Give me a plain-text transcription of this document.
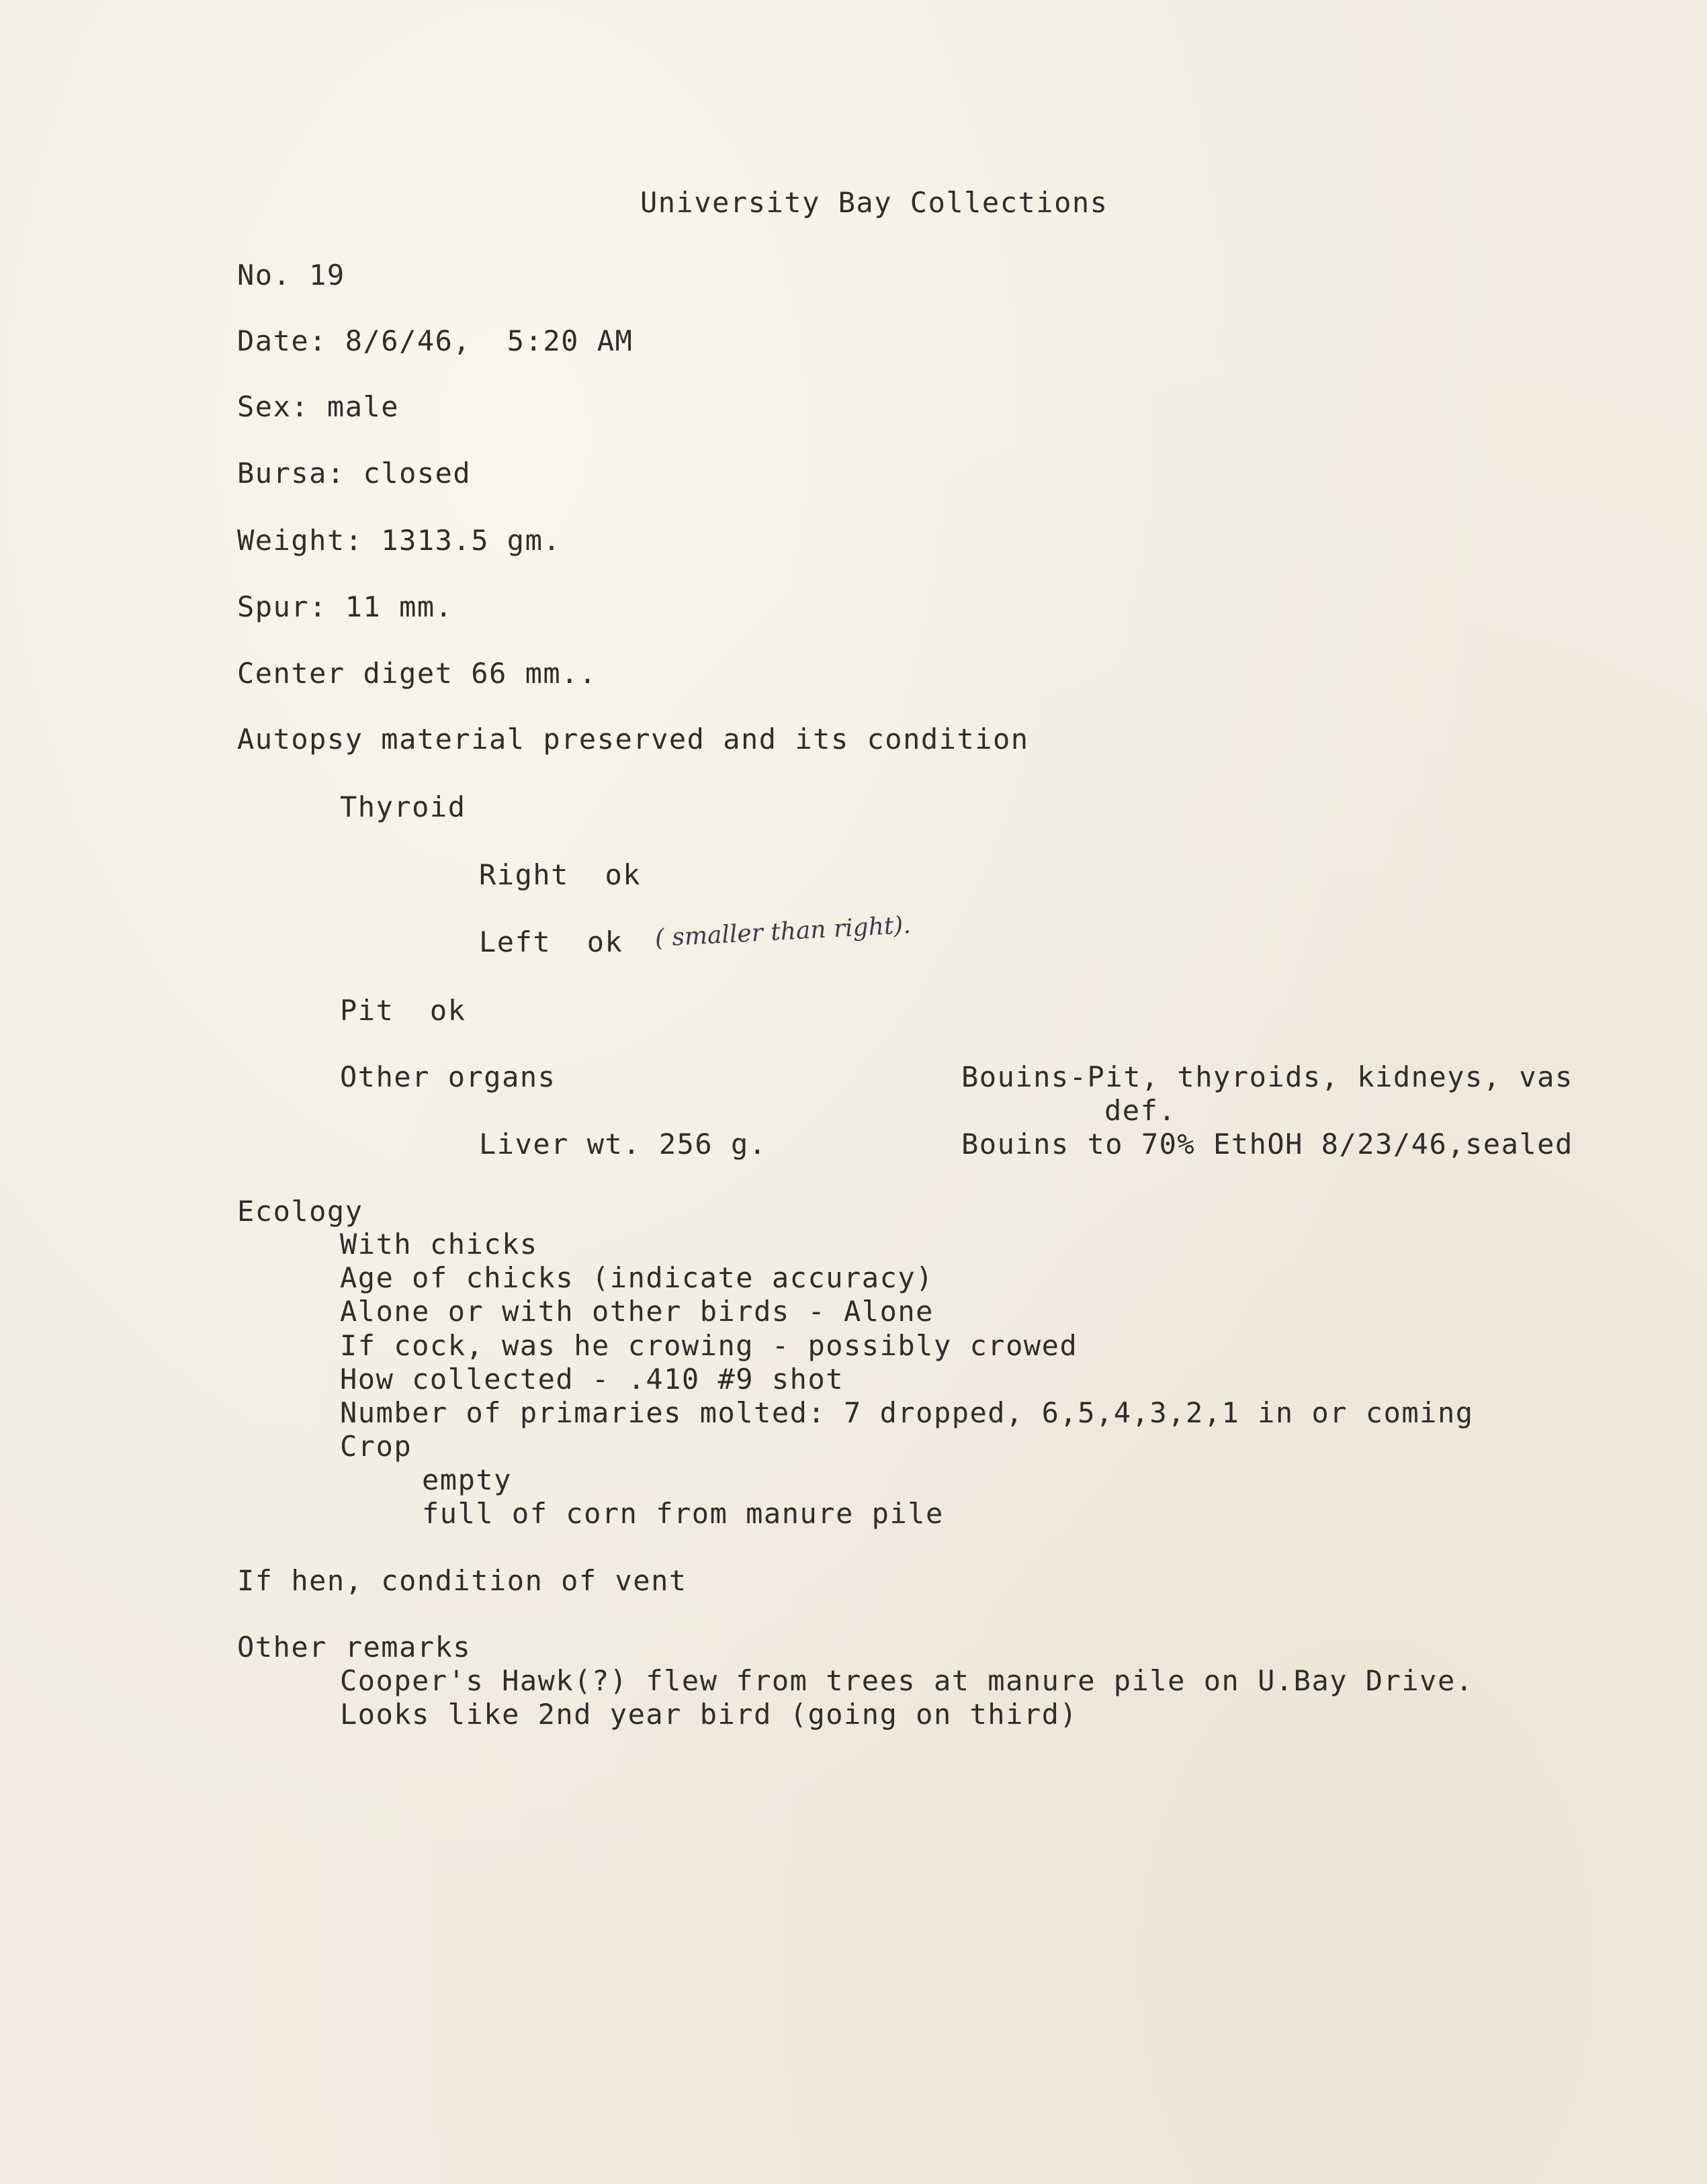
University Bay Collections
No. 19
Date: 8/6/46,  5:20 AM
Sex: male
Bursa: closed
Weight: 1313.5 gm.
Spur: 11 mm.
Center diget 66 mm..
Autopsy material preserved and its condition
Thyroid
Right  ok
Left  ok ( smaller than right).
Pit  ok
Other organs
Liver wt. 256 g.
Bouins-Pit, thyroids, kidneys, vas
def.
Bouins to 70% EthOH 8/23/46,sealed
Ecology
With chicks
Age of chicks (indicate accuracy)
Alone or with other birds - Alone
If cock, was he crowing - possibly crowed
How collected - .410 #9 shot
Number of primaries molted: 7 dropped, 6,5,4,3,2,1 in or coming
Crop
empty
full of corn from manure pile
If hen, condition of vent
Other remarks
Cooper's Hawk(?) flew from trees at manure pile on U.Bay Drive.
Looks like 2nd year bird (going on third)
